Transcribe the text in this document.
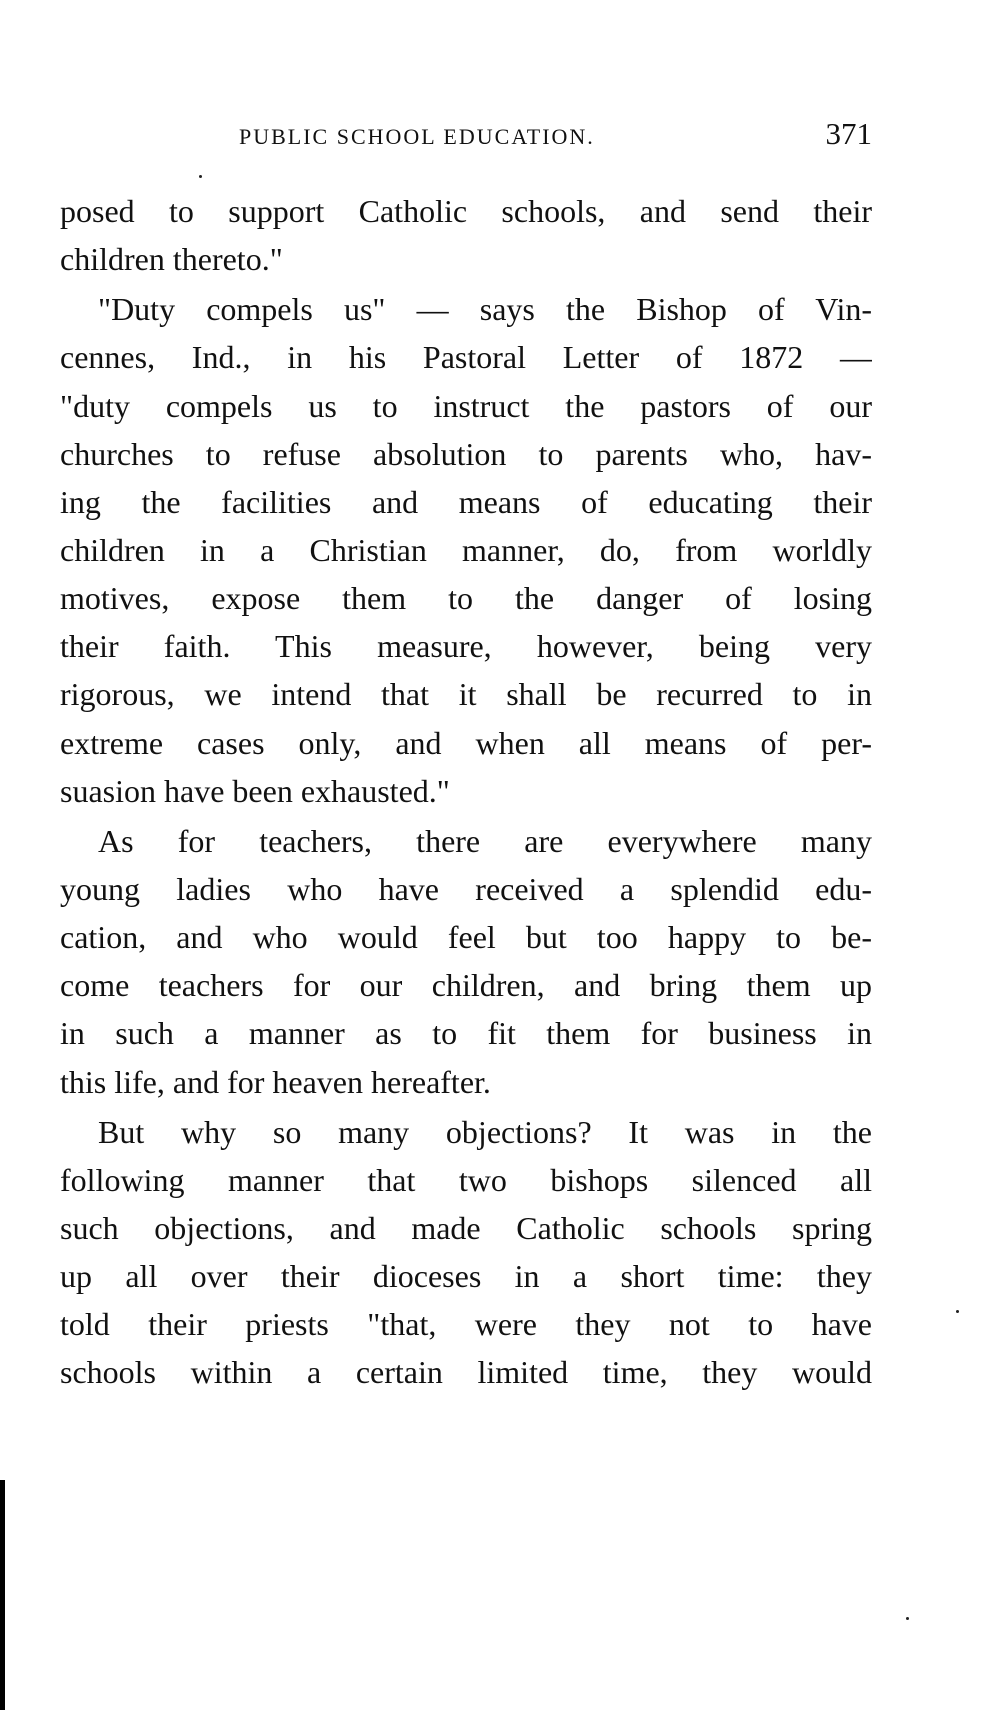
PUBLIC SCHOOL EDUCATION.	371
posed to support Catholic schools, and send their
children thereto."
"Duty compels us" — says the Bishop of Vin-
cennes, Ind., in his Pastoral Letter of 1872 —
"duty compels us to instruct the pastors of our
churches to refuse absolution to parents who, hav-
ing the facilities and means of educating their
children in a Christian manner, do, from worldly
motives, expose them to the danger of losing
their faith. This measure, however, being very
rigorous, we intend that it shall be recurred to in
extreme cases only, and when all means of per-
suasion have been exhausted."
As for teachers, there are everywhere many
young ladies who have received a splendid edu-
cation, and who would feel but too happy to be-
come teachers for our children, and bring them up
in such a manner as to fit them for business in
this life, and for heaven hereafter.
But why so many objections? It was in the
following manner that two bishops silenced all
such objections, and made Catholic schools spring
up all over their dioceses in a short time: they
told their priests "that, were they not to have
schools within a certain limited time, they would
